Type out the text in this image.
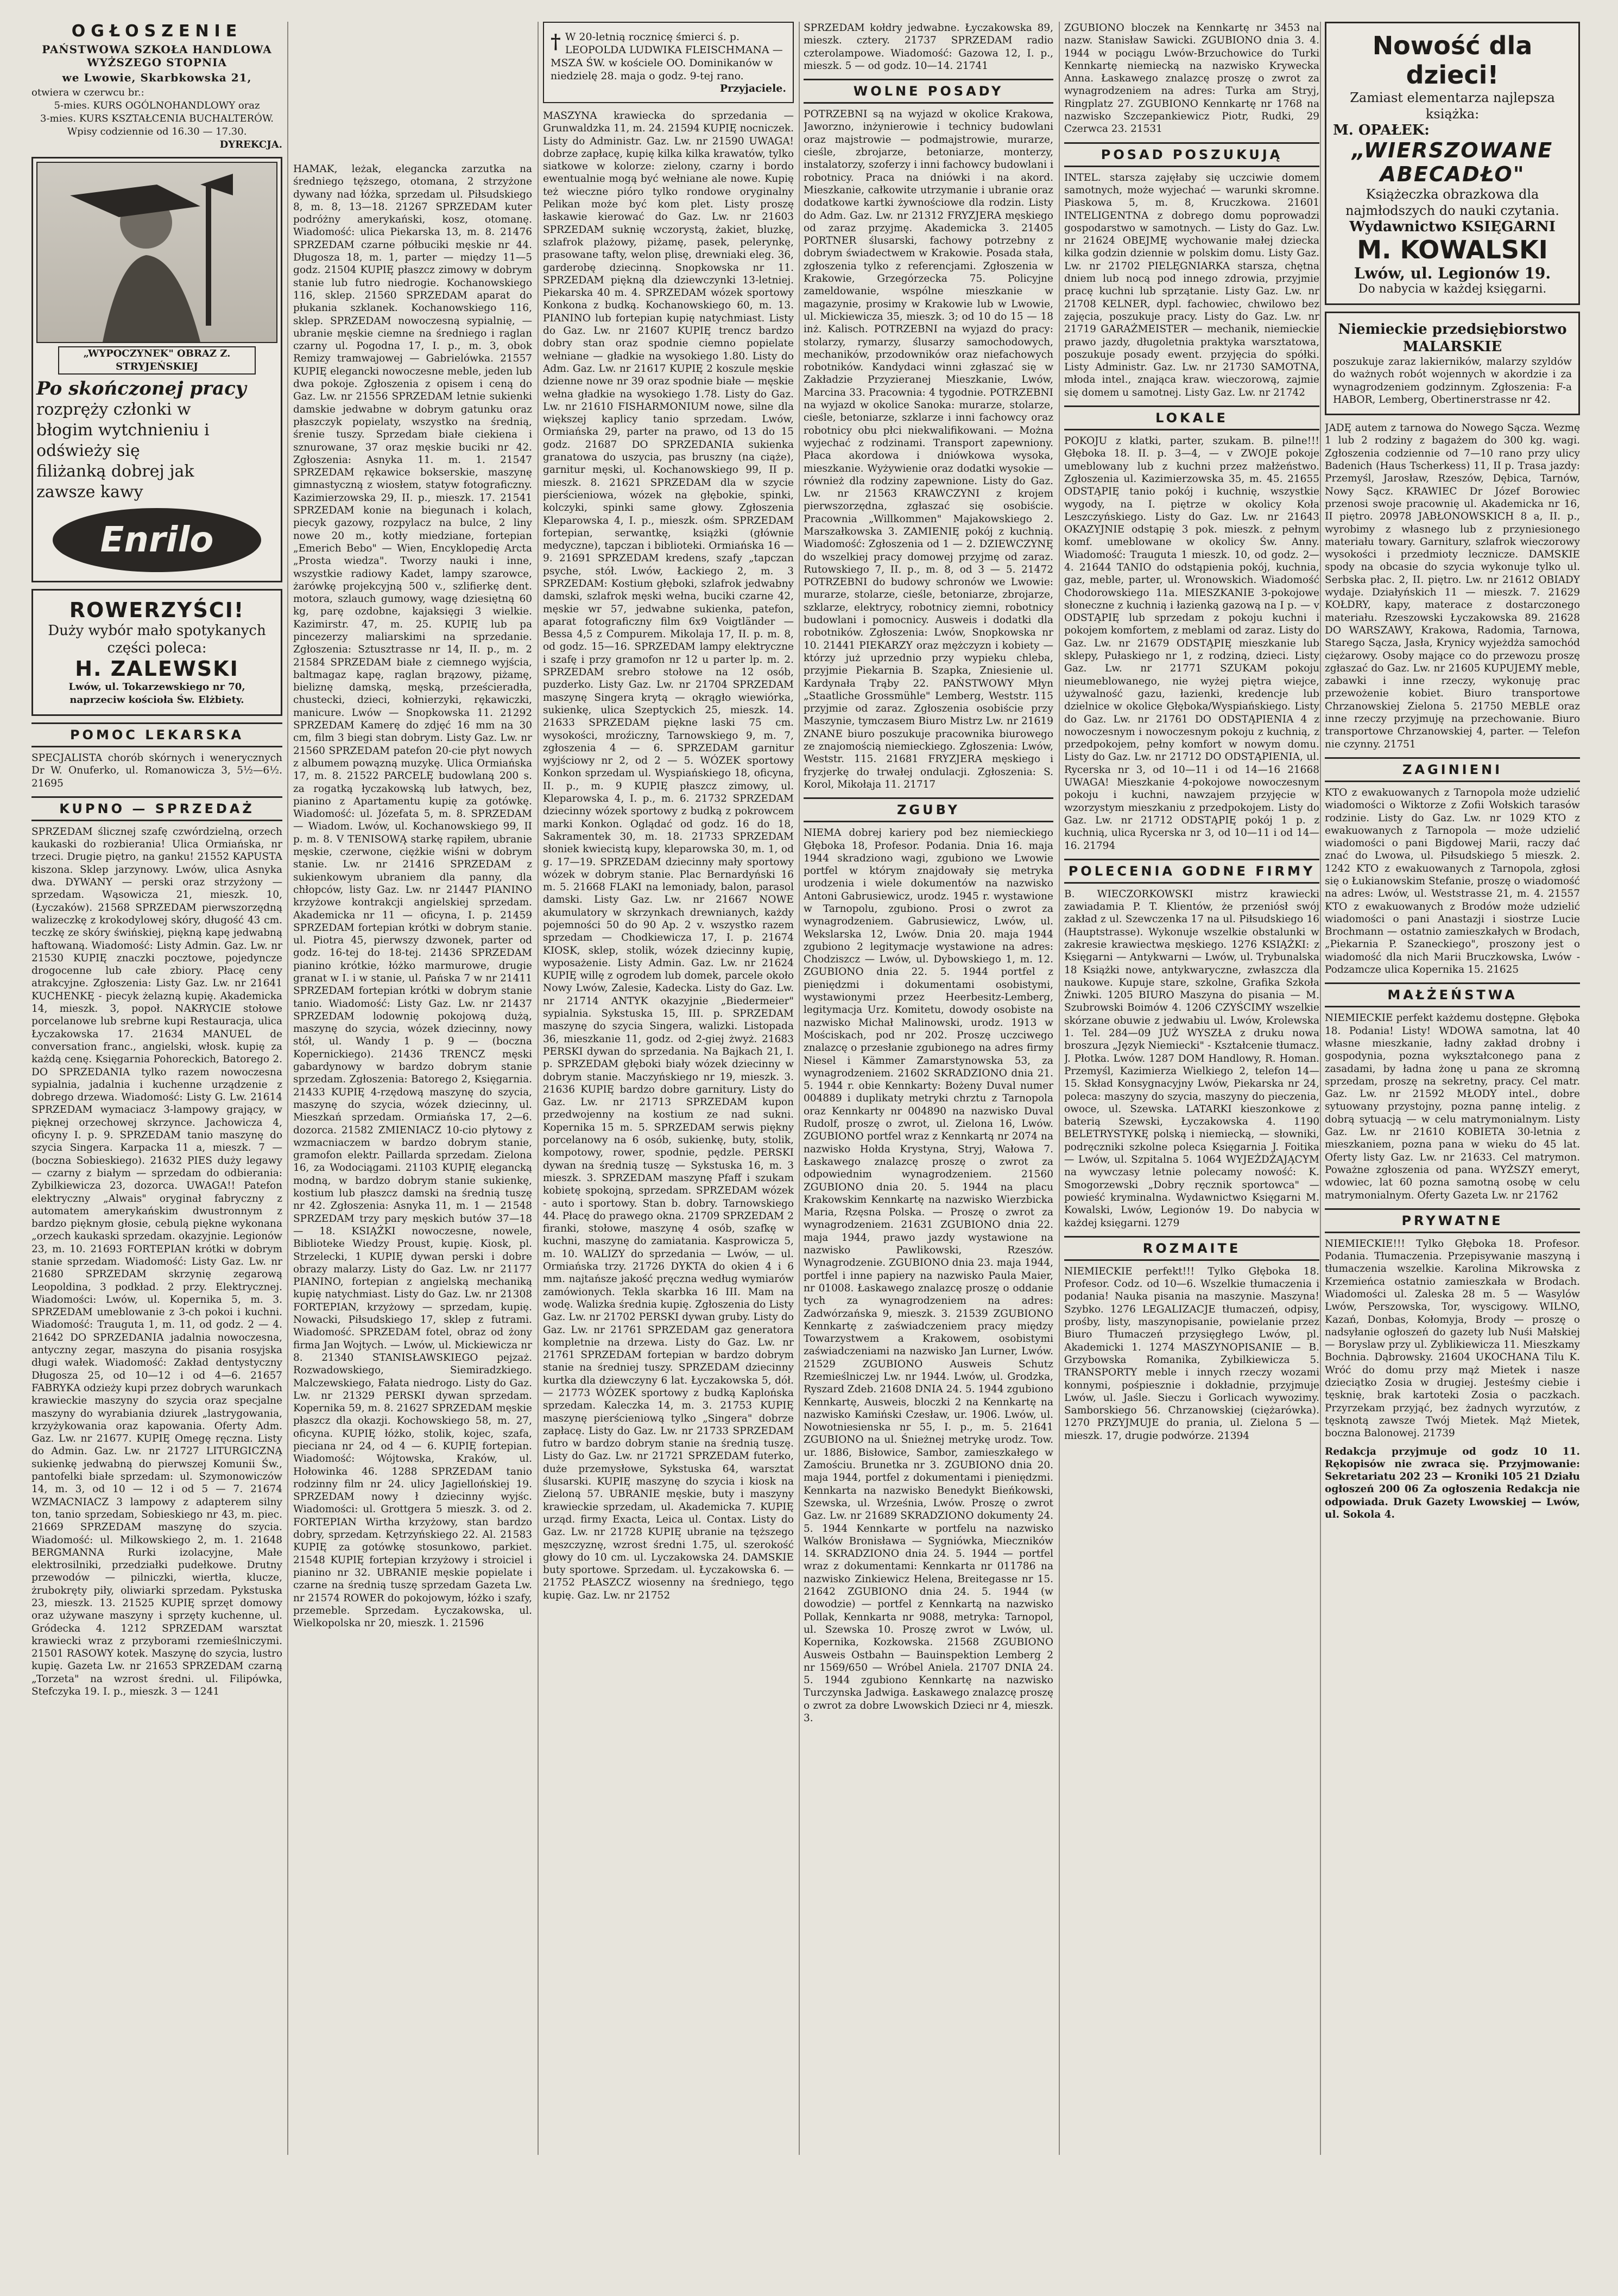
OGŁOSZENIE
PAŃSTWOWA SZKOŁA HANDLOWA WYŻSZEGO STOPNIA
we Lwowie, Skarbkowska 21,
otwiera w czerwcu br.:
5-mies. KURS OGÓLNOHANDLOWY oraz
3-mies. KURS KSZTAŁCENIA BUCHALTERÓW.
Wpisy codziennie od 16.30 — 17.30.
DYREKCJA.
„WYPOCZYNEK" OBRAZ Z. STRYJEŃSKIEJ
Po skończonej pracy
rozpręży członki w błogim wytchnieniu i odświeży się filiżanką dobrej jak zawsze kawy
Enrilo
ROWERZYŚCI!
Duży wybór mało spotykanych części poleca:
H. ZALEWSKI
Lwów, ul. Tokarzewskiego nr 70, naprzeciw kościoła Św. Elżbiety.
POMOC LEKARSKA

SPECJALISTA chorób skórnych i wenerycznych Dr W. Onuferko, ul. Romanowicza 3, 5½—6½. 21695

KUPNO — SPRZEDAŻ

SPRZEDAM ślicznej szafę czwórdzielną, orzech kaukaski do rozbierania! Ulica Ormiańska, nr trzeci. Drugie piętro, na ganku! 21552 KAPUSTA kiszona. Sklep jarzynowy. Lwów, ulica Asnyka dwa. DYWANY — perski oraz strzyżony — sprzedam. Wąsowicza 21, mieszk. 10, (Łyczaków). 21568 SPRZEDAM pierwszorzędną walizeczkę z krokodylowej skóry, długość 43 cm. teczkę ze skóry świńskiej, piękną kapę jedwabną haftowaną. Wiadomość: Listy Admin. Gaz. Lw. nr 21530 KUPIĘ znaczki pocztowe, pojedyncze drogocenne lub całe zbiory. Płacę ceny atrakcyjne. Zgłoszenia: Listy Gaz. Lw. nr 21641 KUCHENKĘ - piecyk żelazną kupię. Akademicka 14, mieszk. 3, popoł. NAKRYCIE stołowe porcelanowe lub srebrne kupi Restauracja, ulica Łyczakowska 17. 21634 MANUEL de conversation franc., angielski, włosk. kupię za każdą cenę. Księgarnia Pohoreckich, Batorego 2. DO SPRZEDANIA tylko razem nowoczesna sypialnia, jadalnia i kuchenne urządzenie z dobrego drzewa. Wiadomość: Listy G. Lw. 21614 SPRZEDAM wymaciacz 3-lampowy grający, w pięknej orzechowej skrzynce. Jachowicza 4, oficyny I. p. 9. SPRZEDAM tanio maszynę do szycia Singera. Karpacka 11 a, mieszk. 7 — (boczna Sobieskiego). 21632 PIES duży legawy — czarny z białym — sprzedam do odbierania: Zybilkiewicza 23, dozorca. UWAGA!! Patefon elektryczny „Alwais" oryginał fabryczny z automatem amerykańskim dwustronnym z bardzo pięknym głosie, cebulą piękne wykonana „orzech kaukaski sprzedam. okazyjnie. Legionów 23, m. 10. 21693 FORTEPIAN krótki w dobrym stanie sprzedam. Wiadomość: Listy Gaz. Lw. nr 21680 SPRZEDAM skrzynię zegarową Leopoldina, 3 podkład. 2 przy. Elektrycznej. Wiadomości: Lwów, ul. Kopernika 5, m. 3. SPRZEDAM umeblowanie z 3-ch pokoi i kuchni. Wiadomość: Trauguta 1, m. 11, od godz. 2 — 4. 21642 DO SPRZEDANIA jadalnia nowoczesna, antyczny zegar, maszyna do pisania rosyjska długi wałek. Wiadomość: Zakład dentystyczny Długosza 25, od 10—12 i od 4—6. 21657 FABRYKA odzieży kupi przez dobrych warunkach krawieckie maszyny do szycia oraz specjalne maszyny do wyrabiania dziurek „lastrygowania, krzyżykowania oraz kapowania. Oferty Adm. Gaz. Lw. nr 21677. KUPIĘ Omegę ręczna. Listy do Admin. Gaz. Lw. nr 21727 LITURGICZNĄ sukienkę jedwabną do pierwszej Komunii Św., pantofelki białe sprzedam: ul. Szymonowiczów 14, m. 3, od 10 — 12 i od 5 — 7. 21674 WZMACNIACZ 3 lampowy z adapterem silny ton, tanio sprzedam, Sobieskiego nr 43, m. piec. 21669 SPRZEDAM maszynę do szycia. Wiadomość: ul. Milkowskiego 2, m. 1. 21648 BERGMANNA Rurki izolacyjne, Małe elektrosilniki, przedziałki pudełkowe. Drutny przewodów — pilniczki, wiertła, klucze, żrubokręty piły, oliwiarki sprzedam. Pykstuska 23, mieszk. 13. 21525 KUPIĘ sprzęt domowy oraz używane maszyny i sprzęty kuchenne, ul. Gródecka 4. 1212 SPRZEDAM warsztat krawiecki wraz z przyborami rzemieślniczymi. 21501 RASOWY kotek. Maszynę do szycia, lustro kupię. Gazeta Lw. nr 21653 SPRZEDAM czarną „Torzeta" na wzrost średni. ul. Filipówka, Stefczyka 19. I. p., mieszk. 3 — 1241

HAMAK, leżak, elegancka zarzutka na średniego tęższego, otomana, 2 strzyżone dywany nad łóżka, sprzedam ul. Piłsudskiego 8, m. 8, 13—18. 21267 SPRZEDAM kuter podróżny amerykański, kosz, otomanę. Wiadomość: ulica Piekarska 13, m. 8. 21476 SPRZEDAM czarne półbuciki męskie nr 44. Długosza 18, m. 1, parter — między 11—5 godz. 21504 KUPIĘ płaszcz zimowy w dobrym stanie lub futro niedrogie. Kochanowskiego 116, sklep. 21560 SPRZEDAM aparat do płukania szklanek. Kochanowskiego 116, sklep. SPRZEDAM nowoczesną sypialnię, — ubranie męskie ciemne na średniego i raglan czarny ul. Pogodna 17, I. p., m. 3, obok Remizy tramwajowej — Gabrielówka. 21557 KUPIĘ elegancki nowoczesne meble, jeden lub dwa pokoje. Zgłoszenia z opisem i ceną do Gaz. Lw. nr 21556 SPRZEDAM letnie sukienki damskie jedwabne w dobrym gatunku oraz płaszczyk popielaty, wszystko na średnią, śrenie tuszy. Sprzedam białe ciekiena i sznurowane, 37 oraz męskie buciki nr 42. Zgłoszenia: Asnyka 11. m. 1. 21547 SPRZEDAM rękawice bokserskie, maszynę gimnastyczną z wiosłem, statyw fotograficzny. Kazimierzowska 29, II. p., mieszk. 17. 21541 SPRZEDAM konie na biegunach i kolach, piecyk gazowy, rozpylacz na bulce, 2 liny nowe 20 m., kotły miedziane, fortepian „Emerich Bebo" — Wien, Encyklopedię Arcta „Prosta wiedza". Tworzy nauki i inne, wszystkie radiowy Kadet, lampy szarowce, żarówkę projekcyjną 500 v., szlifierkę dent. motora, szlauch gumowy, wagę dziesiętną 60 kg, parę ozdobne, kajaksięgi 3 wielkie. Kazimirstr. 47, m. 25. KUPIĘ lub pa pincezerzy maliarskimi na sprzedanie. Zgłoszenia: Sztusztrasse nr 14, II. p., m. 2 21584 SPRZEDAM białe z ciemnego wyjścia, baltmagaz kapę, raglan brązowy, piżamę, bieliznę damską, męską, prześcieradła, chustecki, dzieci, kołnierzyki, rękawiczki, manicure. Lwów — Snopkowska 11. 21292 SPRZEDAM Kamerę do zdjęć 16 mm na 30 cm, film 3 biegi stan dobrym. Listy Gaz. Lw. nr 21560 SPRZEDAM patefon 20-cie płyt nowych z albumem powązną muzykę. Ulica Ormiańska 17, m. 8. 21522 PARCELĘ budowlaną 200 s. za rogatką łyczakowską lub łatwych, bez, pianino z Apartamentu kupię za gotówkę. Wiadomość: ul. Józefata 5, m. 8. SPRZEDAM — Wiadom. Lwów, ul. Kochanowskiego 99, II p. m. 8. V TENISOWĄ starkę rąpiłem, ubranie męskie, czerwone, ciężkie wiśni w dobrym stanie. Lw. nr 21416 SPRZEDAM z sukienkowym ubraniem dla panny, dla chłopców, listy Gaz. Lw. nr 21447 PIANINO krzyżowe kontrakcji angielskiej sprzedam. Akademicka nr 11 — oficyna, I. p. 21459 SPRZEDAM fortepian krótki w dobrym stanie. ul. Piotra 45, pierwszy dzwonek, parter od godz. 16-tej do 18-tej. 21436 SPRZEDAM pianino krótkie, łóżko marmurowe, drugie granat w I. i w stanie, ul. Pańska 7 w nr 21411 SPRZEDAM fortepian krótki w dobrym stanie tanio. Wiadomość: Listy Gaz. Lw. nr 21437 SPRZEDAM lodownię pokojową dużą, maszynę do szycia, wózek dziecinny, nowy stół, ul. Wandy 1 p. 9 — (boczna Kopernickiego). 21436 TRENCZ męski gabardynowy w bardzo dobrym stanie sprzedam. Zgłoszenia: Batorego 2, Księgarnia. 21433 KUPIĘ 4-rzędową maszynę do szycia, maszynę do szycia, wózek dziecinny, ul. Mieszkań sprzedam. Ormiańska 17, 2—6. dozorca. 21582 ZMIENIACZ 10-cio płytowy z wzmacniaczem w bardzo dobrym stanie, gramofon elektr. Paillarda sprzedam. Zielona 16, za Wodociągami. 21103 KUPIĘ elegancką modną, w bardzo dobrym stanie sukienkę, kostium lub płaszcz damski na średnią tuszę nr 42. Zgłoszenia: Asnyka 11, m. 1 — 21548 SPRZEDAM trzy pary męskich butów 37—18 — 18. KSIĄŻKI nowoczesne, nowele, Biblioteke Wiedzy Proust, kupię. Kiosk, pl. Strzelecki, 1 KUPIĘ dywan perski i dobre obrazy malarzy. Listy do Gaz. Lw. nr 21177 PIANINO, fortepian z angielską mechaniką kupię natychmiast. Listy do Gaz. Lw. nr 21308 FORTEPIAN, krzyżowy — sprzedam, kupię. Nowacki, Piłsudskiego 17, sklep z futrami. Wiadomość. SPRZEDAM fotel, obraz od żony firma Jan Wojtych. — Lwów, ul. Mickiewicza nr 8. 21340 STANISŁAWSKIEGO pejzaż. Rozwadowskiego, Siemiradzkiego. Malczewskiego, Fałata niedrogo. Listy do Gaz. Lw. nr 21329 PERSKI dywan sprzedam. Kopernika 59, m. 8. 21627 SPRZEDAM męskie płaszcz dla okazji. Kochowskiego 58, m. 27, oficyna. KUPIĘ łóżko, stolik, kojec, szafa, pieciana nr 24, od 4 — 6. KUPIĘ fortepian. Wiadomość: Wójtowska, Kraków, ul. Hołowinka 46. 1288 SPRZEDAM tanio rodzinny film nr 24. ulicy Jagiellońskiej 19. SPRZEDAM nowy ł dziecinny wyjśc. Wiadomości: ul. Grottgera 5 mieszk. 3. od 2. FORTEPIAN Wirtha krzyżowy, stan bardzo dobry, sprzedam. Kętrzyńskiego 22. Al. 21583 KUPIĘ za gotówkę stosunkowo, parkiet. 21548 KUPIĘ fortepian krzyżowy i stroiciel i pianino nr 32. UBRANIE męskie popielate i czarne na średnią tuszę sprzedam Gazeta Lw. nr 21574 ROWER do pokojowym, łóżko i szafy, przemeble. Sprzedam. Łyczakowska, ul. Wielkopolska nr 20, mieszk. 1. 21596

† W 20-letnią rocznicę śmierci ś. p. LEOPOLDA LUDWIKA FLEISCHMANA — MSZA ŚW. w kościele OO. Dominikanów w niedzielę 28. maja o godz. 9-tej rano.
Przyjaciele.

MASZYNA krawiecka do sprzedania — Grunwaldzka 11, m. 24. 21594 KUPIĘ nocniczek. Listy do Administr. Gaz. Lw. nr 21590 UWAGA! dobrze zapłacę, kupię kilka kilka krawatów, tylko siatkowe w kolorze: zielony, czarny i bordo ewentualnie mogą być wełniane ale nowe. Kupię też wieczne pióro tylko rondowe oryginalny Pelikan może być kom plet. Listy proszę łaskawie kierować do Gaz. Lw. nr 21603 SPRZEDAM suknię wczorystą, żakiet, bluzkę, szlafrok plażowy, piżamę, pasek, pelerynkę, prasowane tafty, welon plisę, drewniaki eleg. 36, garderobę dziecinną. Snopkowska nr 11. SPRZEDAM piękną dla dziewczynki 13-letniej. Piekarska 40 m. 4. SPRZEDAM wózek sportowy Konkona z budką. Kochanowskiego 60, m. 13. PIANINO lub fortepian kupię natychmiast. Listy do Gaz. Lw. nr 21607 KUPIĘ trencz bardzo dobry stan oraz spodnie ciemno popielate wełniane — gładkie na wysokiego 1.80. Listy do Adm. Gaz. Lw. nr 21617 KUPIĘ 2 koszule męskie dzienne nowe nr 39 oraz spodnie białe — męskie wełna gładkie na wysokiego 1.78. Listy do Gaz. Lw. nr 21610 FISHARMONIUM nowe, silne dla większej kaplicy tanio sprzedam. Lwów, Ormiańska 29, parter na prawo, od 13 do 15 godz. 21687 DO SPRZEDANIA sukienka granatowa do uszycia, pas bruszny (na ciąże), garnitur męski, ul. Kochanowskiego 99, II p. mieszk. 8. 21621 SPRZEDAM dla w szycie pierścieniowa, wózek na głębokie, spinki, kolczyki, spinki same głowy. Zgłoszenia Kleparowska 4, I. p., mieszk. ośm. SPRZEDAM fortepian, serwantkę, książki (głównie medyczne), tapczan i biblioteki. Ormiańska 16 — 9. 21691 SPRZEDAM kredens, szafy „tapczan psyche, stół. Lwów, Łackiego 2, m. 3 SPRZEDAM: Kostium głęboki, szlafrok jedwabny damski, szlafrok męski wełna, buciki czarne 42, męskie wr 57, jedwabne sukienka, patefon, aparat fotograficzny film 6x9 Voigtländer — Bessa 4,5 z Compurem. Mikolaja 17, II. p. m. 8, od godz. 15—16. SPRZEDAM lampy elektryczne i szafę i przy gramofon nr 12 u parter lp. m. 2. SPRZEDAM srebro stołowe na 12 osób, puzderko. Listy Gaz. Lw. nr 21704 SPRZEDAM maszynę Singera krytą — okrągło wiewiórka, sukienkę, ulica Szeptyckich 25, mieszk. 14. 21633 SPRZEDAM piękne laski 75 cm. wysokości, mroźiczny, Tarnowskiego 9, m. 7, zgłoszenia 4 — 6. SPRZEDAM garnitur wyjściowy nr 2, od 2 — 5. WÓZEK sportowy Konkon sprzedam ul. Wyspiańskiego 18, oficyna, II. p., m. 9 KUPIĘ płaszcz zimowy, ul. Kleparowska 4, I. p., m. 6. 21732 SPRZEDAM dziecinny wózek sportowy z budką z pokrowcem marki Konkon. Oglądać od godz. 16 do 18, Sakramentek 30, m. 18. 21733 SPRZEDAM słoniek kwiecistą kupy, kleparowska 30, m. 1, od g. 17—19. SPRZEDAM dziecinny mały sportowy wózek w dobrym stanie. Plac Bernardyński 16 m. 5. 21668 FLAKI na lemoniady, balon, parasol damski. Listy Gaz. Lw. nr 21667 NOWE akumulatory w skrzynkach drewnianych, każdy pojemności 50 do 90 Ap. 2 v. wszystko razem sprzedam — Chodkiewicza 17, I. p. 21674 KIOSK, sklep, stolik, wózek dziecinny kupię, wyposażenie. Listy Admin. Gaz. Lw. nr 21624 KUPIĘ willę z ogrodem lub domek, parcele około Nowy Lwów, Zalesie, Kadecka. Listy do Gaz. Lw. nr 21714 ANTYK okazyjnie „Biedermeier" sypialnia. Sykstuska 15, III. p. SPRZEDAM maszynę do szycia Singera, walizki. Listopada 36, mieszkanie 11, godz. od 2-giej żwyż. 21683 PERSKI dywan do sprzedania. Na Bajkach 21, I. p. SPRZEDAM głęboki biały wózek dziecinny w dobrym stanie. Maczyńskiego nr 19, mieszk. 3. 21636 KUPIĘ bardzo dobre garnitury. Listy do Gaz. Lw. nr 21713 SPRZEDAM kupon przedwojenny na kostium ze nad sukni. Kopernika 15 m. 5. SPRZEDAM serwis piękny porcelanowy na 6 osób, sukienkę, buty, stolik, kompotowy, rower, spodnie, pędzle. PERSKI dywan na średnią tuszę — Sykstuska 16, m. 3 mieszk. 3. SPRZEDAM maszynę Pfaff i szukam kobietę spokojną, sprzedam. SPRZEDAM wózek - auto i sportowy. Stan b. dobry. Tarnowskiego 44. Płacę do prawego okna. 21709 SPRZEDAM 2 firanki, stołowe, maszynę 4 osób, szafkę w kuchni, maszynę do zamiatania. Kasprowicza 5, m. 10. WALIZY do sprzedania — Lwów, — ul. Ormiańska trzy. 21726 DYKTA do okien 4 i 6 mm. najtańsze jakość pręczna według wymiarów zamówionych. Tekla skarbka 16 III. Mam na wodę. Walizka średnia kupię. Zgłoszenia do Listy Gaz. Lw. nr 21702 PERSKI dywan gruby. Listy do Gaz. Lw. nr 21761 SPRZEDAM gaz generatora kompletnie na drzewa. Listy do Gaz. Lw. nr 21761 SPRZEDAM fortepian w bardzo dobrym stanie na średniej tuszy. SPRZEDAM dziecinny kurtka dla dziewczyny 6 lat. Łyczakowska 5, dół. — 21773 WÓZEK sportowy z budką Kaplońska sprzedam. Kaleczka 14, m. 3. 21753 KUPIĘ maszynę pierścieniową tylko „Singera" dobrze zapłacę. Listy do Gaz. Lw. nr 21733 SPRZEDAM futro w bardzo dobrym stanie na średnią tuszę. Listy do Gaz. Lw. nr 21721 SPRZEDAM futerko, duże przemysłowe, Sykstuska 64, warsztat ślusarski. KUPIĘ maszynę do szycia i kiosk na Zieloną 57. UBRANIE męskie, buty i maszyny krawieckie sprzedam, ul. Akademicka 7. KUPIĘ urząd. firmy Exacta, Leica ul. Contax. Listy do Gaz. Lw. nr 21728 KUPIĘ ubranie na tęższego męszczyznę, wzrost średni 1.75, ul. szerokość głowy do 10 cm. ul. Lyczakowska 24. DAMSKIE buty sportowe. Sprzedam. ul. Łyczakowska 6. — 21752 PŁASZCZ wiosenny na średniego, tęgo kupię. Gaz. Lw. nr 21752

SPRZEDAM kołdry jedwabne. Łyczakowska 89, mieszk. cztery. 21737 SPRZEDAM radio czterolampowe. Wiadomość: Gazowa 12, I. p., mieszk. 5 — od godz. 10—14. 21741

WOLNE POSADY

POTRZEBNI są na wyjazd w okolice Krakowa, Jaworzno, inżynierowie i technicy budowlani oraz majstrowie — podmajstrowie, murarze, cieśle, zbrojarze, betoniarze, monterzy, instalatorzy, szoferzy i inni fachowcy budowlani i robotnicy. Praca na dniówki i na akord. Mieszkanie, całkowite utrzymanie i ubranie oraz dodatkowe kartki żywnościowe dla rodzin. Listy do Adm. Gaz. Lw. nr 21312 FRYZJERA męskiego od zaraz przyjmę. Akademicka 3. 21405 PORTNER ślusarski, fachowy potrzebny z dobrym świadectwem w Krakowie. Posada stała, zgłoszenia tylko z referencjami. Zgłoszenia w Krakowie, Grzegórzecka 75. Policyjne zameldowanie, wspólne mieszkanie w magazynie, prosimy w Krakowie lub w Lwowie, ul. Mickiewicza 35, mieszk. 3; od 10 do 15 — 18 inż. Kalisch. POTRZEBNI na wyjazd do pracy: stolarzy, rymarzy, ślusarzy samochodowych, mechaników, przodowników oraz niefachowych robotników. Kandydaci winni zgłaszać się w Zakładzie Przyzieranej Mieszkanie, Lwów, Marcina 33. Pracownia: 4 tygodnie. POTRZEBNI na wyjazd w okolice Sanoka: murarze, stolarze, cieśle, betoniarze, szklarze i inni fachowcy oraz robotnicy obu płci niekwalifikowani. — Można wyjechać z rodzinami. Transport zapewniony. Płaca akordowa i dniówkowa wysoka, mieszkanie. Wyżywienie oraz dodatki wysokie — również dla rodziny zapewnione. Listy do Gaz. Lw. nr 21563 KRAWCZYNI z krojem pierwszorzędna, zgłaszać się osobiście. Pracownia „Willkommen" Majakowskiego 2. Marszałkowska 3. ZAMIENIĘ pokój z kuchnią. Wiadomość: Zgłoszenia od 1 — 2. DZIEWCZYNĘ do wszelkiej pracy domowej przyjmę od zaraz. Rutowskiego 7, II. p., m. 8, od 3 — 5. 21472 POTRZEBNI do budowy schronów we Lwowie: murarze, stolarze, cieśle, betoniarze, zbrojarze, szklarze, elektrycy, robotnicy ziemni, robotnicy budowlani i pomocnicy. Ausweis i dodatki dla robotników. Zgłoszenia: Lwów, Snopkowska nr 10. 21441 PIEKARZY oraz mężczyzn i kobiety — którzy już uprzednio przy wypieku chleba, przyjmie Piekarnia B. Szapka, Zniesienie ul. Kardynała Trąby 22. PAŃSTWOWY Młyn „Staatliche Grossmühle" Lemberg, Weststr. 115 przyjmie od zaraz. Zgłoszenia osobiście przy Maszynie, tymczasem Biuro Mistrz Lw. nr 21619 ZNANE biuro poszukuje pracownika biurowego ze znajomością niemieckiego. Zgłoszenia: Lwów, Weststr. 115. 21681 FRYZJERA męskiego i fryzjerkę do trwałej ondulacji. Zgłoszenia: S. Korol, Mikołaja 11. 21717

ZGUBY

NIEMA dobrej kariery pod bez niemieckiego Głęboka 18, Profesor. Podania. Dnia 16. maja 1944 skradziono wagi, zgubiono we Lwowie portfel w którym znajdowały się metryka urodzenia i wiele dokumentów na nazwisko Antoni Gabrusiewicz, urodz. 1945 r. wystawione w Tarnopolu, zgubiono. Prosi o zwrot za wynagrodzeniem. Gabrusiewicz, Lwów, ul. Wekslarska 12, Lwów. Dnia 20. maja 1944 zgubiono 2 legitymacje wystawione na adres: Chodziszcz — Lwów, ul. Dybowskiego 1, m. 12. ZGUBIONO dnia 22. 5. 1944 portfel z pieniędzmi i dokumentami osobistymi, wystawionymi przez Heerbesitz-Lemberg, legitymacja Urz. Komitetu, dowody osobiste na nazwisko Michał Malinowski, urodz. 1913 w Mościskach, pod nr 202. Proszę uczciwego znalazcę o przesłanie zgubionego na adres firmy Niesel i Kämmer Zamarstynowska 53, za wynagrodzeniem. 21602 SKRADZIONO dnia 21. 5. 1944 r. obie Kennkarty: Bożeny Duval numer 004889 i duplikaty metryki chrztu z Tarnopola oraz Kennkarty nr 004890 na nazwisko Duval Rudolf, proszę o zwrot, ul. Zielona 16, Lwów. ZGUBIONO portfel wraz z Kennkartą nr 2074 na nazwisko Hołda Krystyna, Stryj, Wałowa 7. Łaskawego znalazcę proszę o zwrot za odpowiednim wynagrodzeniem. 21560 ZGUBIONO dnia 20. 5. 1944 na placu Krakowskim Kennkartę na nazwisko Wierzbicka Maria, Rzęsna Polska. — Proszę o zwrot za wynagrodzeniem. 21631 ZGUBIONO dnia 22. maja 1944, prawo jazdy wystawione na nazwisko Pawlikowski, Rzeszów. Wynagrodzenie. ZGUBIONO dnia 23. maja 1944, portfel i inne papiery na nazwisko Paula Maier, nr 01008. Łaskawego znalazcę proszę o oddanie tych za wynagrodzeniem na adres: Zadwórzańska 9, mieszk. 3. 21539 ZGUBIONO Kennkartę z zaświadczeniem pracy między Towarzystwem a Krakowem, osobistymi zaświadczeniami na nazwisko Jan Lurner, Lwów. 21529 ZGUBIONO Ausweis Schutz Rzemieślniczej Lw. nr 1944. Lwów, ul. Grodzka, Ryszard Zdeb. 21608 DNIA 24. 5. 1944 zgubiono Kennkartę, Ausweis, bloczki 2 na Kennkartę na nazwisko Kamiński Czesław, ur. 1906. Lwów, ul. Nowotniesienska nr 55, I. p., m. 5. 21641 ZGUBIONO na ul. Śnieżnej metrykę urodz. Tow. ur. 1886, Bisłowice, Sambor, zamieszkałego w Zamościu. Brunetka nr 3. ZGUBIONO dnia 20. maja 1944, portfel z dokumentami i pieniędzmi. Kennkarta na nazwisko Benedykt Bieńkowski, Szewska, ul. Września, Lwów. Proszę o zwrot Gaz. Lw. nr 21689 SKRADZIONO dokumenty 24. 5. 1944 Kennkarte w portfelu na nazwisko Walków Bronisława — Sygniówka, Mieczników 14. SKRADZIONO dnia 24. 5. 1944 — portfel wraz z dokumentami: Kennkarta nr 011786 na nazwisko Zinkiewicz Helena, Breitegasse nr 15. 21642 ZGUBIONO dnia 24. 5. 1944 (w dowodzie) — portfel z Kennkartą na nazwisko Pollak, Kennkarta nr 9088, metryka: Tarnopol, ul. Szewska 10. Proszę zwrot w Lwów, ul. Kopernika, Kozkowska. 21568 ZGUBIONO Ausweis Ostbahn — Bauinspektion Lemberg 2 nr 1569/650 — Wróbel Aniela. 21707 DNIA 24. 5. 1944 zgubiono Kennkartę na nazwisko Turczynska Jadwiga. Łaskawego znalazcę proszę o zwrot za dobre Lwowskich Dzieci nr 4, mieszk. 3.

ZGUBIONO bloczek na Kennkartę nr 3453 na nazw. Stanisław Sawicki. ZGUBIONO dnia 3. 4. 1944 w pociągu Lwów-Brzuchowice do Turki Kennkartę niemiecką na nazwisko Krywecka Anna. Łaskawego znalazcę proszę o zwrot za wynagrodzeniem na adres: Turka am Stryj, Ringplatz 27. ZGUBIONO Kennkartę nr 1768 na nazwisko Szczepankiewicz Piotr, Rudki, 29 Czerwca 23. 21531

POSAD POSZUKUJĄ

INTEL. starsza zajęłaby się uczciwie domem samotnych, może wyjechać — warunki skromne. Piaskowa 5, m. 8, Kruczkowa. 21601 INTELIGENTNA z dobrego domu poprowadzi gospodarstwo w samotnych. — Listy do Gaz. Lw. nr 21624 OBEJMĘ wychowanie małej dziecka kilka godzin dziennie w polskim domu. Listy Gaz. Lw. nr 21702 PIELĘGNIARKA starsza, chętna dniem lub nocą pod innego zdrowia, przyjmie pracę kuchni lub sprzątanie. Listy Gaz. Lw. nr 21708 KELNER, dypl. fachowiec, chwilowo bez zajęcia, poszukuje pracy. Listy do Gaz. Lw. nr 21719 GARAŻMEISTER — mechanik, niemieckie prawo jazdy, długoletnia praktyka warsztatowa, poszukuje posady ewent. przyjęcia do spółki. Listy Administr. Gaz. Lw. nr 21730 SAMOTNA, młoda intel., znająca kraw. wieczorową, zajmie się domem u samotnej. Listy Gaz. Lw. nr 21742

LOKALE

POKOJU z klatki, parter, szukam. B. pilne!!! Głęboka 18. II. p. 3—4, — v ZWOJE pokoje umeblowany lub z kuchni przez małżeństwo. Zgłoszenia ul. Kazimierzowska 35, m. 45. 21655 ODSTĄPIĘ tanio pokój i kuchnię, wszystkie wygody, na I. piętrze w okolicy Koła Leszczyńskiego. Listy do Gaz. Lw. nr 21643 OKAZYJNIE odstąpię 3 pok. mieszk. z pełnym komf. umeblowane w okolicy Św. Anny. Wiadomość: Trauguta 1 mieszk. 10, od godz. 2—4. 21644 TANIO do odstąpienia pokój, kuchnia, gaz, meble, parter, ul. Wronowskich. Wiadomość Chodorowskiego 11a. MIESZKANIE 3-pokojowe słoneczne z kuchnią i łazienką gazową na I p. — v ODSTĄPIĘ lub sprzedam z pokoju kuchni i pokojem komfortem, z meblami od zaraz. Listy do Gaz. Lw. nr 21679 ODSTĄPIĘ mieszkanie lub sklepy, Pułaskiego nr 1, z rodziną, dzieci. Listy Gaz. Lw. nr 21771 SZUKAM pokoju nieumeblowanego, nie wyżej piętra wiejce, używalność gazu, łazienki, kredencje lub dzielnice w okolice Głęboka/Wyspiańskiego. Listy do Gaz. Lw. nr 21761 DO ODSTĄPIENIA 4 z nowoczesnym i nowoczesnym pokoju z kuchnią, z przedpokojem, pełny komfort w nowym domu. Listy do Gaz. Lw. nr 21712 DO ODSTĄPIENIA, ul. Rycerska nr 3, od 10—11 i od 14—16 21668 UWAGA! Mieszkanie 4-pokojowe nowoczesnym pokoju i kuchni, nawzajem przyjęcie w wzorzystym mieszkaniu z przedpokojem. Listy do Gaz. Lw. nr 21712 ODSTĄPIĘ pokój 1 p. z kuchnią, ulica Rycerska nr 3, od 10—11 i od 14—16. 21794

POLECENIA GODNE FIRMY

B. WIECZORKOWSKI mistrz krawiecki zawiadamia P. T. Klientów, że przeniósł swój zakład z ul. Szewczenka 17 na ul. Piłsudskiego 16 (Hauptstrasse). Wykonuje wszelkie obstalunki w zakresie krawiectwa męskiego. 1276 KSIĄŻKI: z Księgarni — Antykwarni — Lwów, ul. Trybunalska 18 Książki nowe, antykwaryczne, zwłaszcza dla naukowe. Kupuje stare, szkolne, Grafika Szkoła Żniwki. 1205 BIURO Maszyna do pisania — M. Szubrowski Boimów 4. 1206 CZYŚCIMY wszelkie skórzane obuwie z jedwabiu ul. Lwów, Krolewska 1. Tel. 284—09 JUŻ WYSZŁA z druku nowa broszura „Język Niemiecki" - Kształcenie tłumacz. J. Płotka. Lwów. 1287 DOM Handlowy, R. Homan. Przemyśl, Kazimierza Wielkiego 2, telefon 14—15. Skład Konsygnacyjny Lwów, Piekarska nr 24, poleca: maszyny do szycia, maszyny do pieczenia, owoce, ul. Szewska. LATARKI kieszonkowe z baterią Szewski, Łyczakowska 4. 1190 BELETRYSTYKĘ polską i niemiecką, — słowniki, podręczniki szkolne poleca Księgarnia J. Foitika — Lwów, ul. Szpitalna 5. 1064 WYJEŻDŻAJĄCYM na wywczasy letnie polecamy nowość: K. Smogorzewski „Dobry ręcznik sportowca" — powieść kryminalna. Wydawnictwo Księgarni M. Kowalski, Lwów, Legionów 19. Do nabycia w każdej księgarni. 1279

ROZMAITE

NIEMIECKIE perfekt!!! Tylko Głęboka 18. Profesor. Codz. od 10—6. Wszelkie tłumaczenia i podania! Nauka pisania na maszynie. Maszyna! Szybko. 1276 LEGALIZACJE tłumaczeń, odpisy, prośby, listy, maszynopisanie, powielanie przez Biuro Tłumaczeń przysięgłego Lwów, pl. Akademicki 1. 1274 MASZYNOPISANIE — B. Grzybowska Romanika, Zybilkiewicza 5. TRANSPORTY meble i innych rzeczy wozami konnymi, pośpiesznie i dokładnie, przyjmuje Lwów, ul. Jaśle. Sieczu i Gorlicach wywozimy. Samborskiego 56. Chrzanowskiej (ciężarówka). 1270 PRZYJMUJE do prania, ul. Zielona 5 — mieszk. 17, drugie podwórze. 21394

Nowość dla dzieci!
Zamiast elementarza najlepsza książka:
M. OPAŁEK:
„WIERSZOWANE ABECADŁO"
Książeczka obrazkowa dla najmłodszych do nauki czytania.
Wydawnictwo KSIĘGARNI
M. KOWALSKI
Lwów, ul. Legionów 19.
Do nabycia w każdej księgarni.
Niemieckie przedsiębiorstwo MALARSKIE
poszukuje zaraz lakierników, malarzy szyldów do ważnych robót wojennych w akordzie i za wynagrodzeniem godzinnym. Zgłoszenia: F-a HABOR, Lemberg, Obertinerstrasse nr 42.

JADĘ autem z tarnowa do Nowego Sącza. Wezmę 1 lub 2 rodziny z bagażem do 300 kg. wagi. Zgłoszenia codziennie od 7—10 rano przy ulicy Badenich (Haus Tscherkess) 11, II p. Trasa jazdy: Przemyśl, Jarosław, Rzeszów, Dębica, Tarnów, Nowy Sącz. KRAWIEC Dr Józef Borowiec przenosi swoje pracownię ul. Akademicka nr 16, II piętro. 20978 JABŁONOWSKICH 8 a, II. p., wyrobimy z własnego lub z przyniesionego materiału towary. Garnitury, szlafrok wieczorowy wysokości i przedmioty lecznicze. DAMSKIE spody na obcasie do szycia wykonuje tylko ul. Serbska płac. 2, II. piętro. Lw. nr 21612 OBIADY wydaje. Działyńskich 11 — mieszk. 7. 21629 KOŁDRY, kapy, materace z dostarczonego materiału. Rzeszowski Łyczakowska 89. 21628 DO WARSZAWY, Krakowa, Radomia, Tarnowa, Starego Sącza, Jasła, Krynicy wyjeżdża samochód ciężarowy. Osoby mające co do przewozu proszę zgłaszać do Gaz. Lw. nr 21605 KUPUJEMY meble, zabawki i inne rzeczy, wykonuję prac przewożenie kobiet. Biuro transportowe Chrzanowskiej Zielona 5. 21750 MEBLE oraz inne rzeczy przyjmuję na przechowanie. Biuro transportowe Chrzanowskiej 4, parter. — Telefon nie czynny. 21751

ZAGINIENI

KTO z ewakuowanych z Tarnopola może udzielić wiadomości o Wiktorze z Zofii Wołskich tarasów rodzinie. Listy do Gaz. Lw. nr 1029 KTO z ewakuowanych z Tarnopola — może udzielić wiadomości o pani Bigdowej Marii, raczy dać znać do Lwowa, ul. Piłsudskiego 5 mieszk. 2. 1242 KTO z ewakuowanych z Tarnopola, zgłosi się o Łukianowskim Stefanie, proszę o wiadomość na adres: Lwów, ul. Weststrasse 21, m. 4. 21557 KTO z ewakuowanych z Brodów może udzielić wiadomości o pani Anastazji i siostrze Lucie Brochmann — ostatnio zamieszkałych w Brodach, „Piekarnia P. Szaneckiego", proszony jest o wiadomość dla nich Marii Bruczkowska, Lwów - Podzamcze ulica Kopernika 15. 21625

MAŁŻEŃSTWA

NIEMIECKIE perfekt każdemu dostępne. Głęboka 18. Podania! Listy! WDOWA samotna, lat 40 własne mieszkanie, ładny zakład drobny i gospodynia, pozna wykształconego pana z zasadami, by ładna żonę u pana ze skromną sprzedam, proszę na sekretny, pracy. Cel matr. Gaz. Lw. nr 21592 MŁODY intel., dobre sytuowany przystojny, pozna pannę intelig. z dobrą sytuacją — w celu matrymonialnym. Listy Gaz. Lw. nr 21610 KOBIETA 30-letnia z mieszkaniem, pozna pana w wieku do 45 lat. Oferty listy Gaz. Lw. nr 21633. Cel matrymon. Poważne zgłoszenia od pana. WYŻSZY emeryt, wdowiec, lat 60 pozna samotną osobę w celu matrymonialnym. Oferty Gazeta Lw. nr 21762

PRYWATNE

NIEMIECKIE!!! Tylko Głęboka 18. Profesor. Podania. Tłumaczenia. Przepisywanie maszyną i tłumaczenia wszelkie. Karolina Mikrowska z Krzemieńca ostatnio zamieszkała w Brodach. Wiadomości ul. Zaleska 28 m. 5 — Wasylów Lwów, Perszowska, Tor, wyscigowy. WILNO, Kazań, Donbas, Kołomyja, Brody — proszę o nadsyłanie ogłoszeń do gazety lub Nuśi Małskiej — Boryslaw przy ul. Zyblikiewicza 11. Mieszkamy Bochnia. Dąbrowsky. 21604 UKOCHANA Tilu K. Wróć do domu przy mąż Mietek i nasze dzieciątko Zosia w drugiej. Jesteśmy ciebie i tęsknię, brak kartoteki Zosia o paczkach. Przyrzekam przyjąć, bez żadnych wyrzutów, z tęsknotą zawsze Twój Mietek. Mąż Mietek, boczna Balonowej. 21739

Redakcja przyjmuje od godz 10 11. Rękopisów nie zwraca się. Przyjmowanie: Sekretariatu 202 23 — Kroniki 105 21 Działu ogłoszeń 200 06 Za ogłoszenia Redakcja nie odpowiada. Druk Gazety Lwowskiej — Lwów, ul. Sokola 4.
